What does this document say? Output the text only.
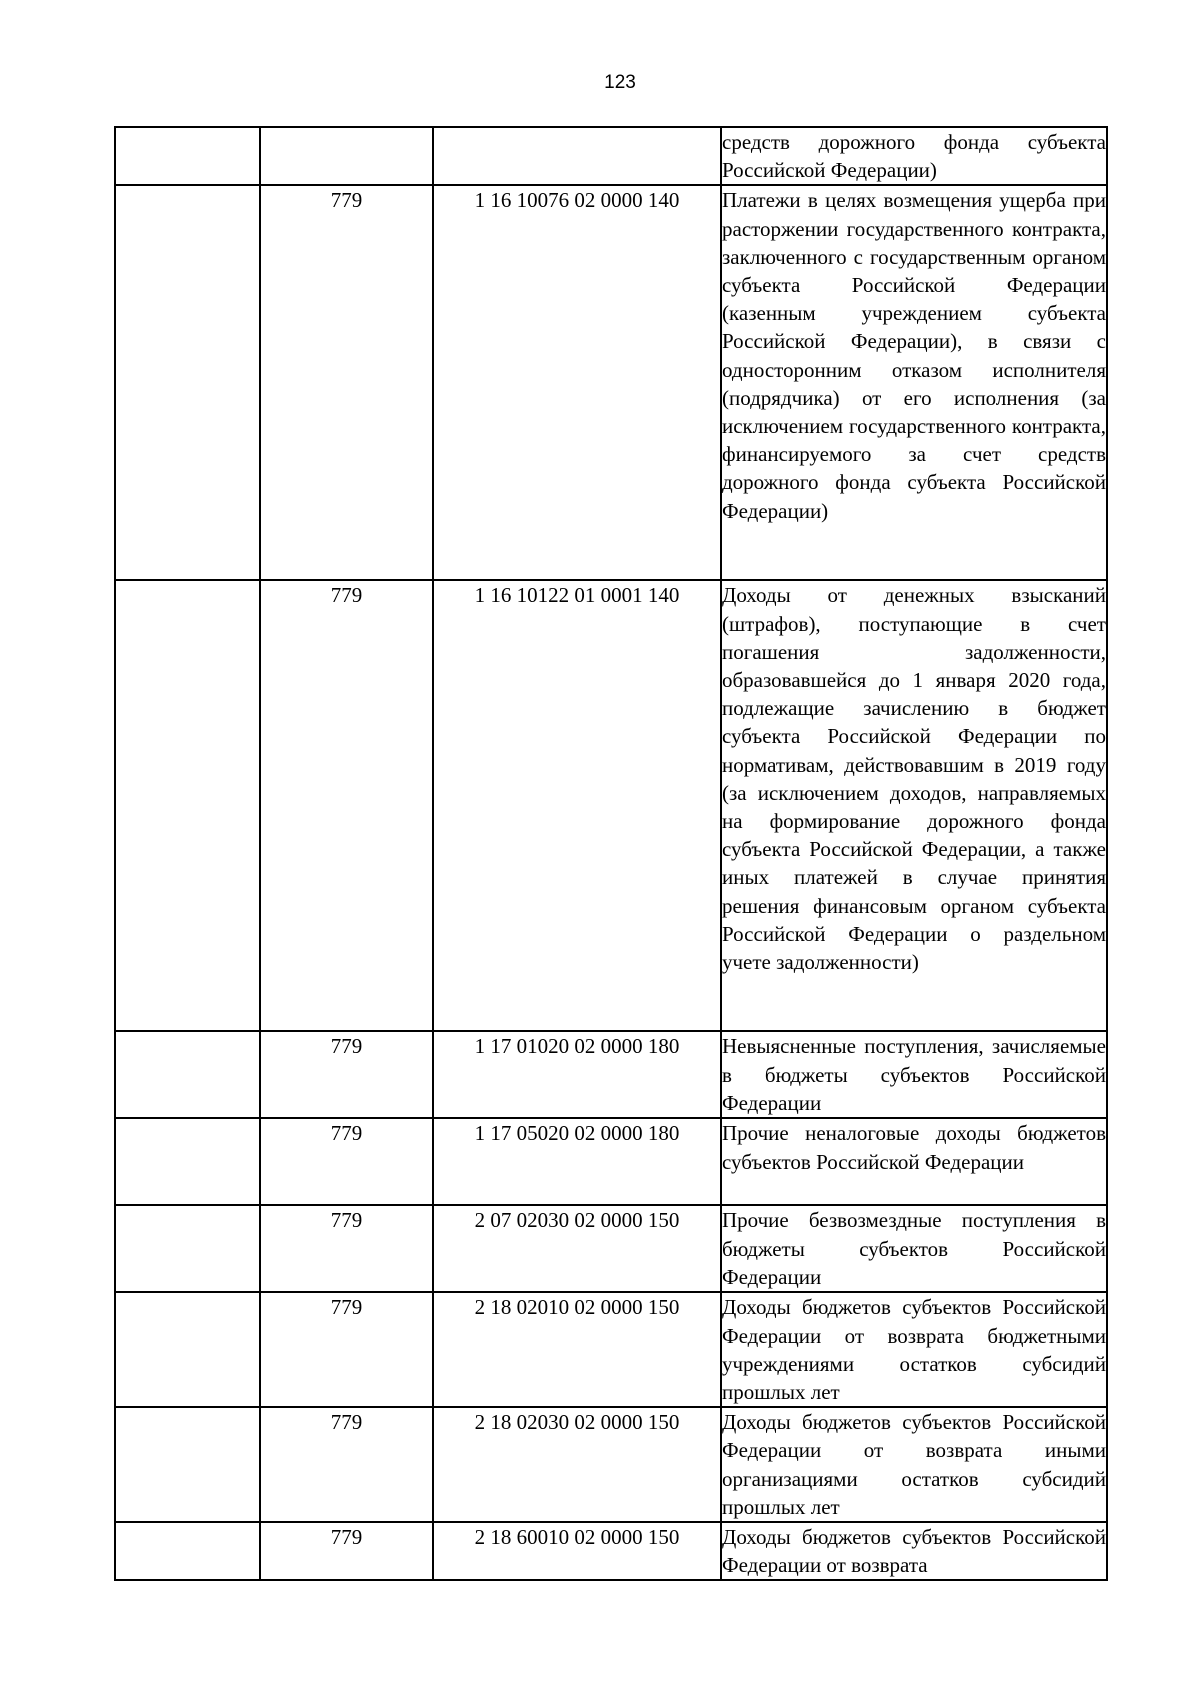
123
			средств дорожного фонда субъекта Российской Федерации)
	779	1 16 10076 02 0000 140	Платежи в целях возмещения ущерба при расторжении государственного контракта, заключенного с государственным органом субъекта Российской Федерации (казенным учреждением субъекта Российской Федерации), в связи с односторонним отказом исполнителя (подрядчика) от его исполнения (за исключением государственного контракта, финансируемого за счет средств дорожного фонда субъекта Российской Федерации)
	779	1 16 10122 01 0001 140	Доходы от денежных взысканий (штрафов), поступающие в счет погашения задолженности, образовавшейся до 1 января 2020 года, подлежащие зачислению в бюджет субъекта Российской Федерации по нормативам, действовавшим в 2019 году (за исключением доходов, направляемых на формирование дорожного фонда субъекта Российской Федерации, а также иных платежей в случае принятия решения финансовым органом субъекта Российской Федерации о раздельном учете задолженности)
	779	1 17 01020 02 0000 180	Невыясненные поступления, зачисляемые в бюджеты субъектов Российской Федерации
	779	1 17 05020 02 0000 180	Прочие неналоговые доходы бюджетов субъектов Российской Федерации
	779	2 07 02030 02 0000 150	Прочие безвозмездные поступления в бюджеты субъектов Российской Федерации
	779	2 18 02010 02 0000 150	Доходы бюджетов субъектов Российской Федерации от возврата бюджетными учреждениями остатков субсидий прошлых лет
	779	2 18 02030 02 0000 150	Доходы бюджетов субъектов Российской Федерации от возврата иными организациями остатков субсидий прошлых лет
	779	2 18 60010 02 0000 150	Доходы бюджетов субъектов Российской Федерации от возврата
